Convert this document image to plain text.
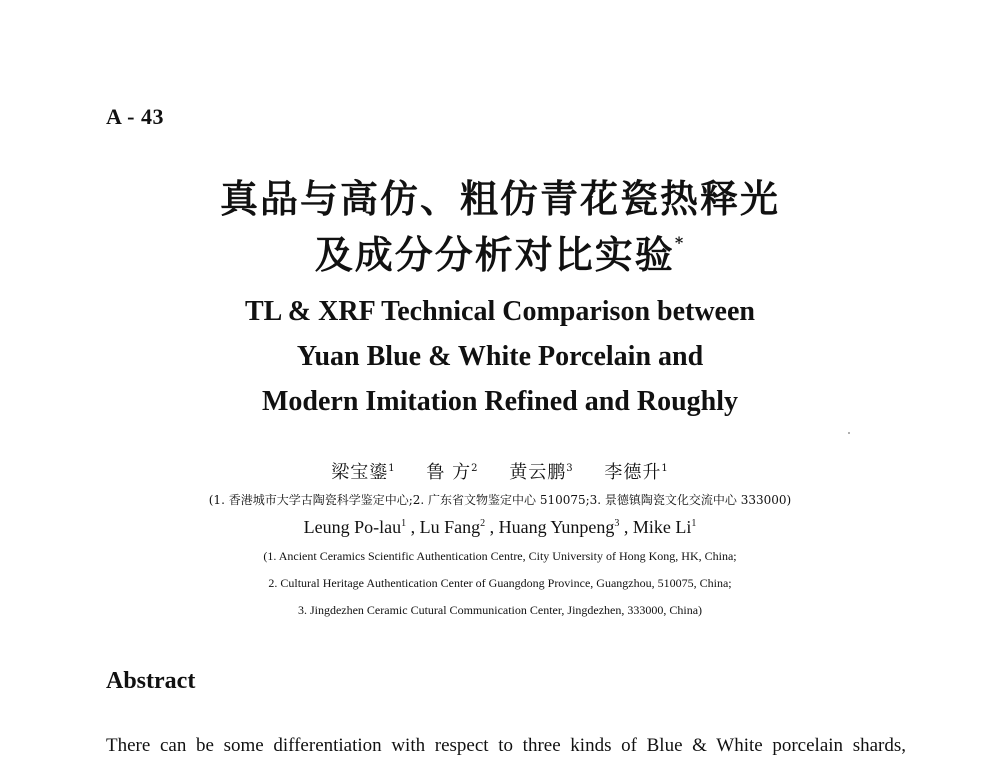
A - 43
真品与高仿、粗仿青花瓷热释光
及成分分析对比实验*
TL & XRF Technical Comparison between
Yuan Blue & White Porcelain and
Modern Imitation Refined and Roughly
梁宝鎏$^1$ 鲁 方$^2$ 黄云鹏$^3$ 李德升$^1$
(1. 香港城市大学古陶瓷科学鉴定中心;2. 广东省文物鉴定中心 510075;3. 景德镇陶瓷文化交流中心 333000)
Leung Po-lau$^1$ , Lu Fang$^2$ , Huang Yunpeng$^3$ , Mike Li$^1$
(1. Ancient Ceramics Scientific Authentication Centre, City University of Hong Kong, HK, China;
2. Cultural Heritage Authentication Center of Guangdong Province, Guangzhou, 510075, China;
3. Jingdezhen Ceramic Cutural Communication Center, Jingdezhen, 333000, China)
Abstract
There can be some differentiation with respect to three kinds of Blue & White porcelain shards,
